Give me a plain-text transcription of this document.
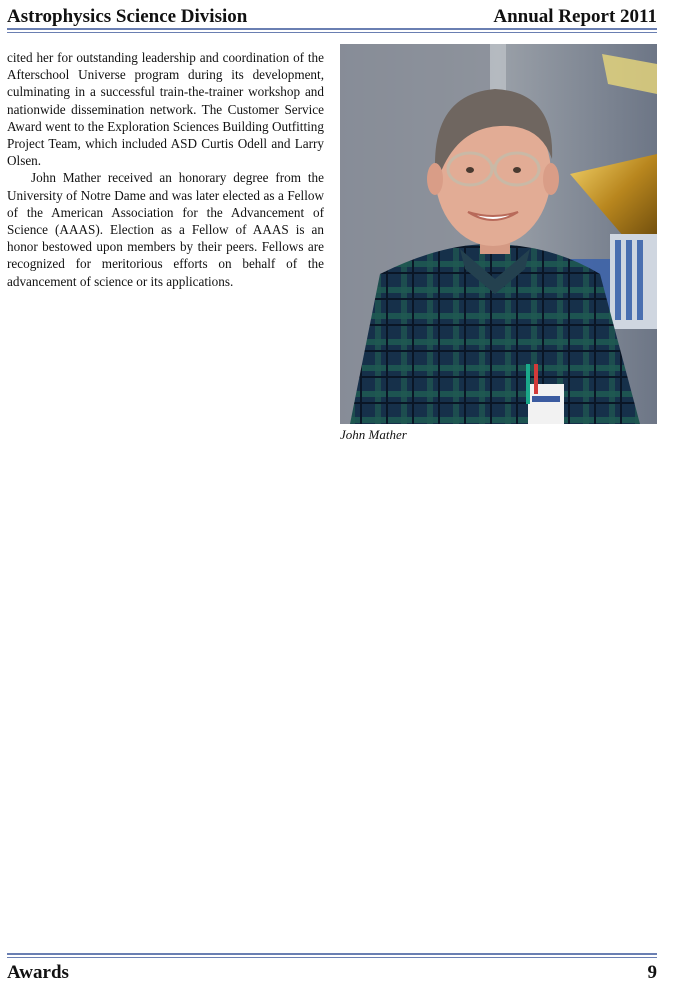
Astrophysics Science Division	Annual Report 2011

cited her for outstanding leadership and coordination of the Afterschool Universe program during its development, culminating in a successful train-the-trainer workshop and nationwide dissemination network. The Customer Service Award went to the Exploration Sciences Building Outfitting Project Team, which included ASD Curtis Odell and Larry Olsen.

John Mather received an honorary degree from the University of Notre Dame and was later elected as a Fellow of the American Association for the Advancement of Science (AAAS). Election as a Fellow of AAAS is an honor bestowed upon members by their peers. Fellows are recognized for meritorious efforts on behalf of the advancement of science or its applications.

John Mather
Awards	9
